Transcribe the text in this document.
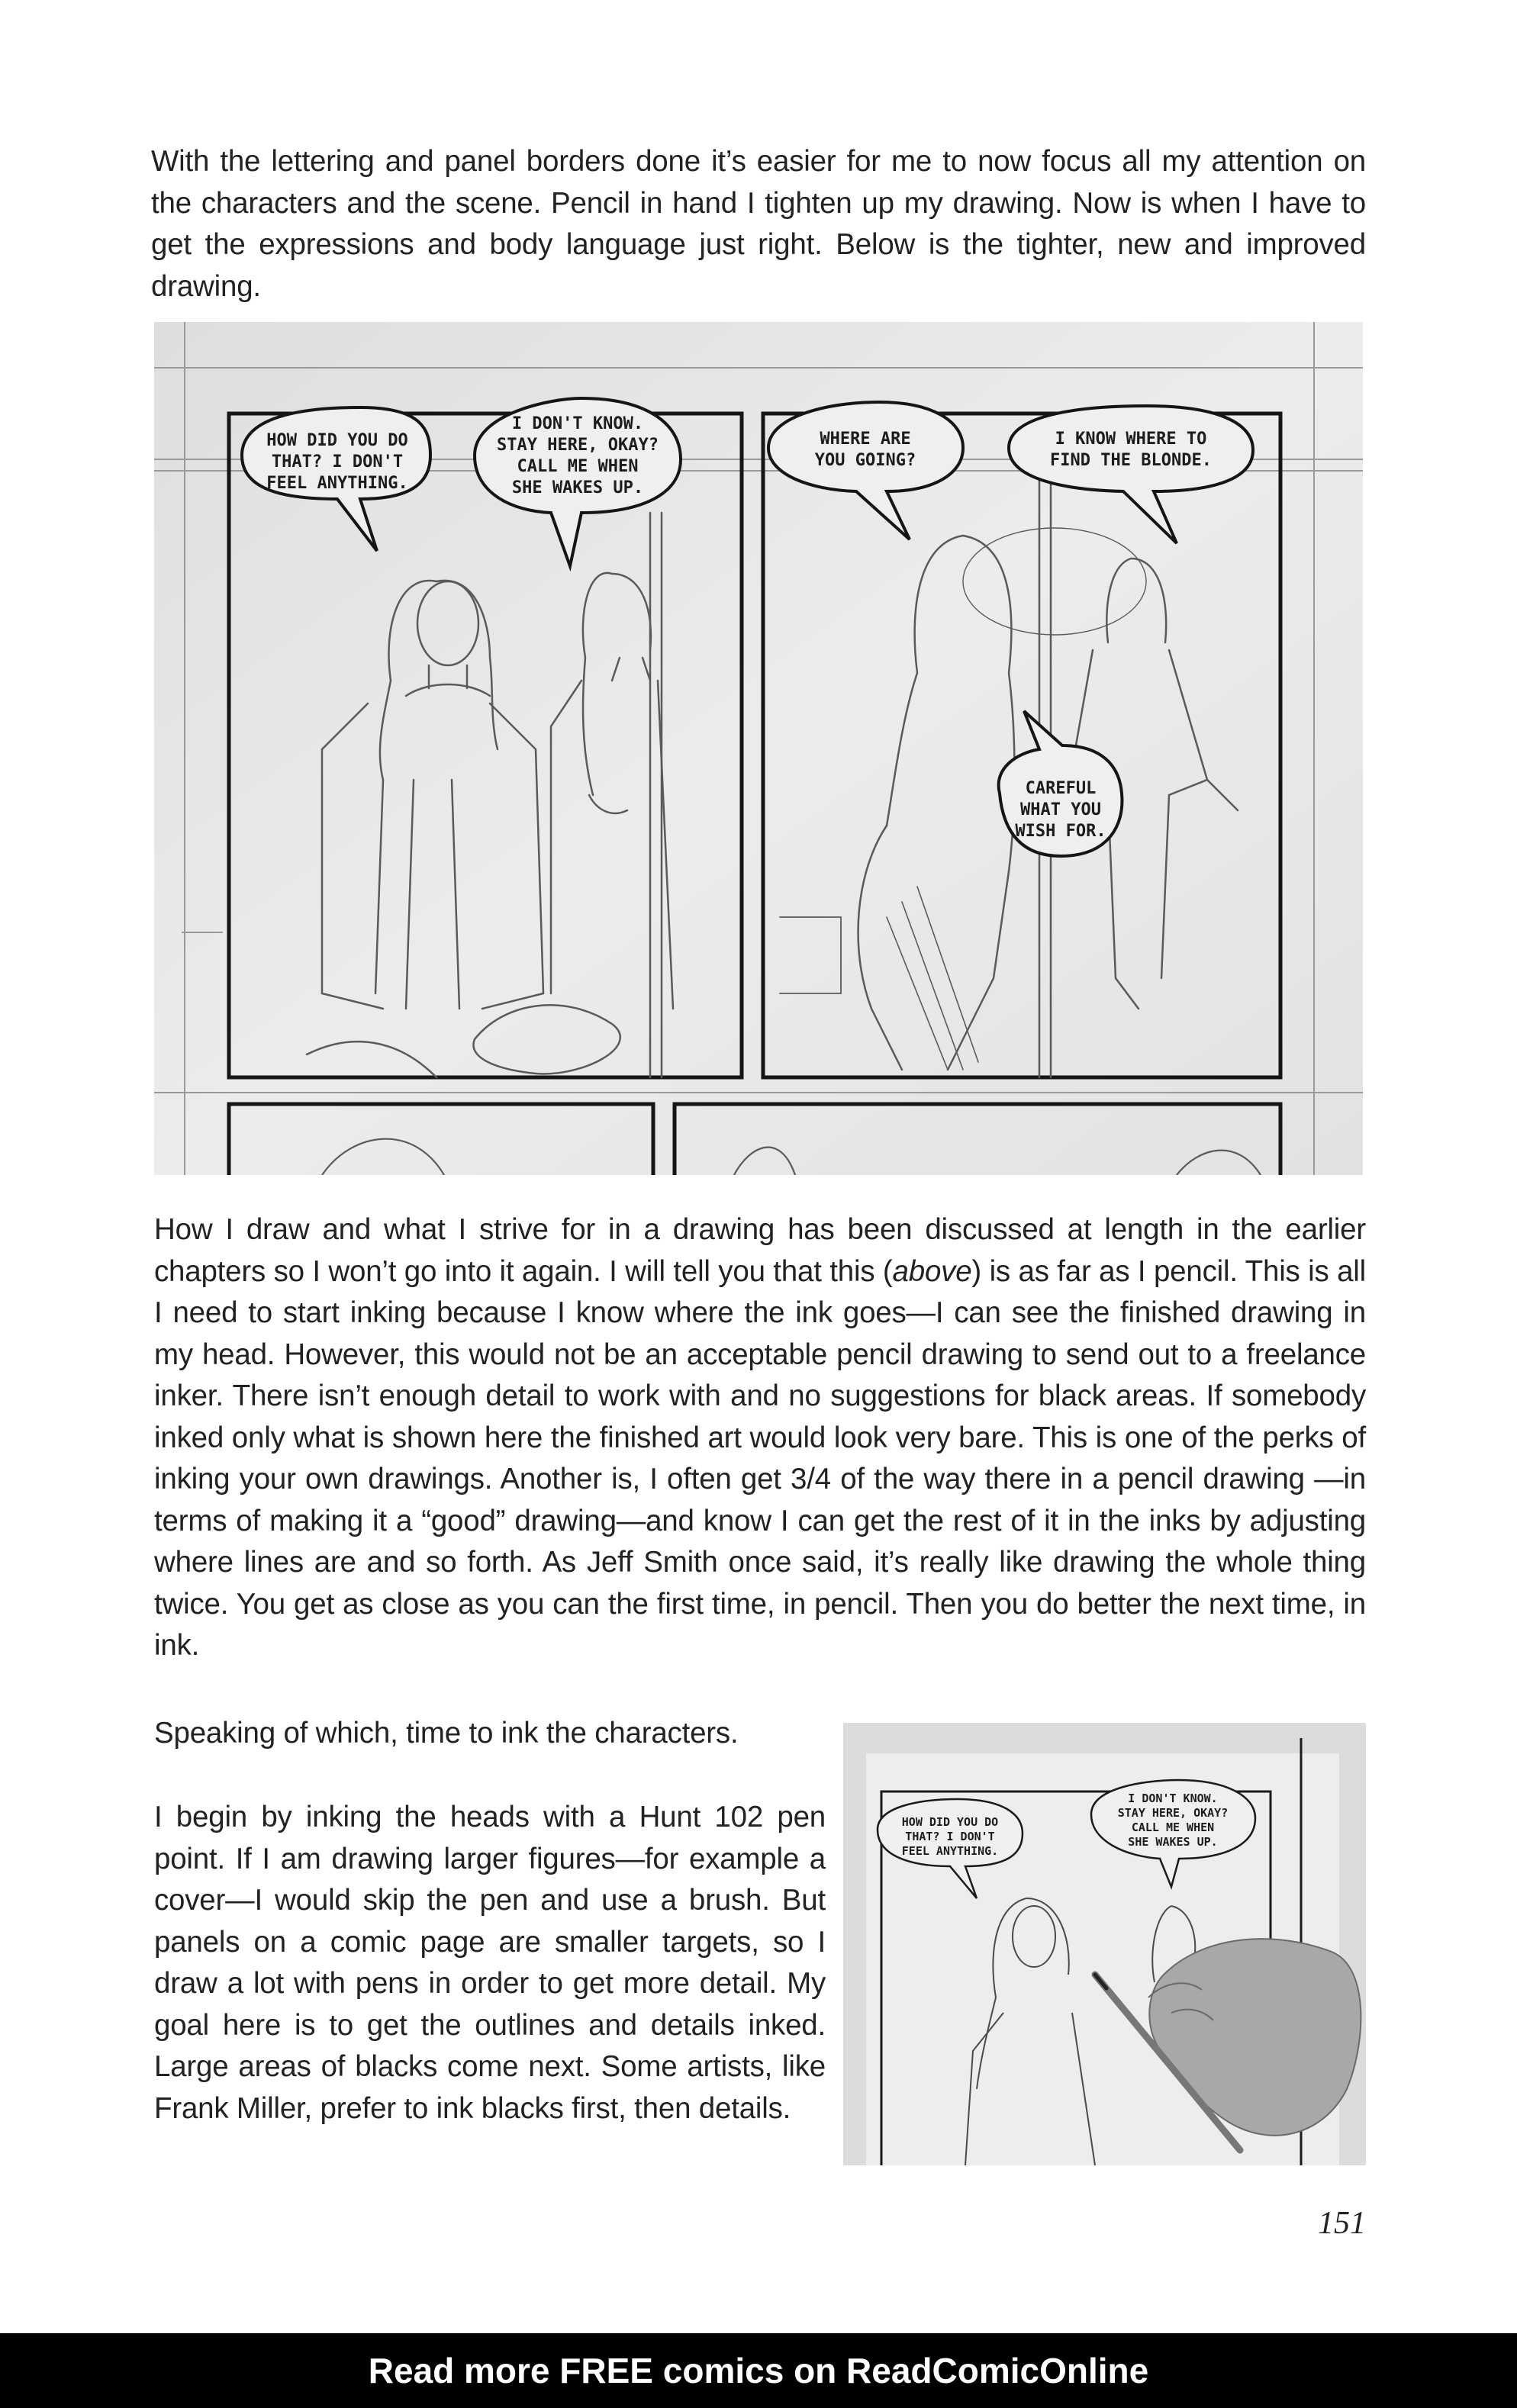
With the lettering and panel borders done it’s easier for me to now focus all my attention on the characters and the scene. Pencil in hand I tighten up my drawing. Now is when I have to get the expressions and body language just right. Below is the tighter, new and improved drawing.

HOW DID YOU DO
THAT? I DON'T
FEEL ANYTHING.
I DON'T KNOW.
STAY HERE, OKAY?
CALL ME WHEN
SHE WAKES UP.
WHERE ARE
YOU GOING?
I KNOW WHERE TO
FIND THE BLONDE.
CAREFUL
WHAT YOU
WISH FOR.

How I draw and what I strive for in a drawing has been discussed at length in the earlier chapters so I won’t go into it again. I will tell you that this (above) is as far as I pencil. This is all I need to start inking because I know where the ink goes—I can see the finished drawing in my head. However, this would not be an acceptable pencil drawing to send out to a freelance inker. There isn’t enough detail to work with and no suggestions for black areas. If somebody inked only what is shown here the finished art would look very bare. This is one of the perks of inking your own drawings. Another is, I often get 3/4 of the way there in a pencil drawing —in terms of making it a “good” drawing—and know I can get the rest of it in the inks by adjusting where lines are and so forth. As Jeff Smith once said, it’s really like drawing the whole thing twice. You get as close as you can the first time, in pencil. Then you do better the next time, in ink.

Speaking of which, time to ink the characters.

I begin by inking the heads with a Hunt 102 pen point. If I am drawing larger figures—for example a cover—I would skip the pen and use a brush. But panels on a comic page are smaller targets, so I draw a lot with pens in order to get more detail. My goal here is to get the outlines and details inked. Large areas of blacks come next. Some artists, like Frank Miller, prefer to ink blacks first, then details.

HOW DID YOU DO
THAT? I DON'T
FEEL ANYTHING.
I DON'T KNOW.
STAY HERE, OKAY?
CALL ME WHEN
SHE WAKES UP.
151
Read more FREE comics on ReadComicOnline
